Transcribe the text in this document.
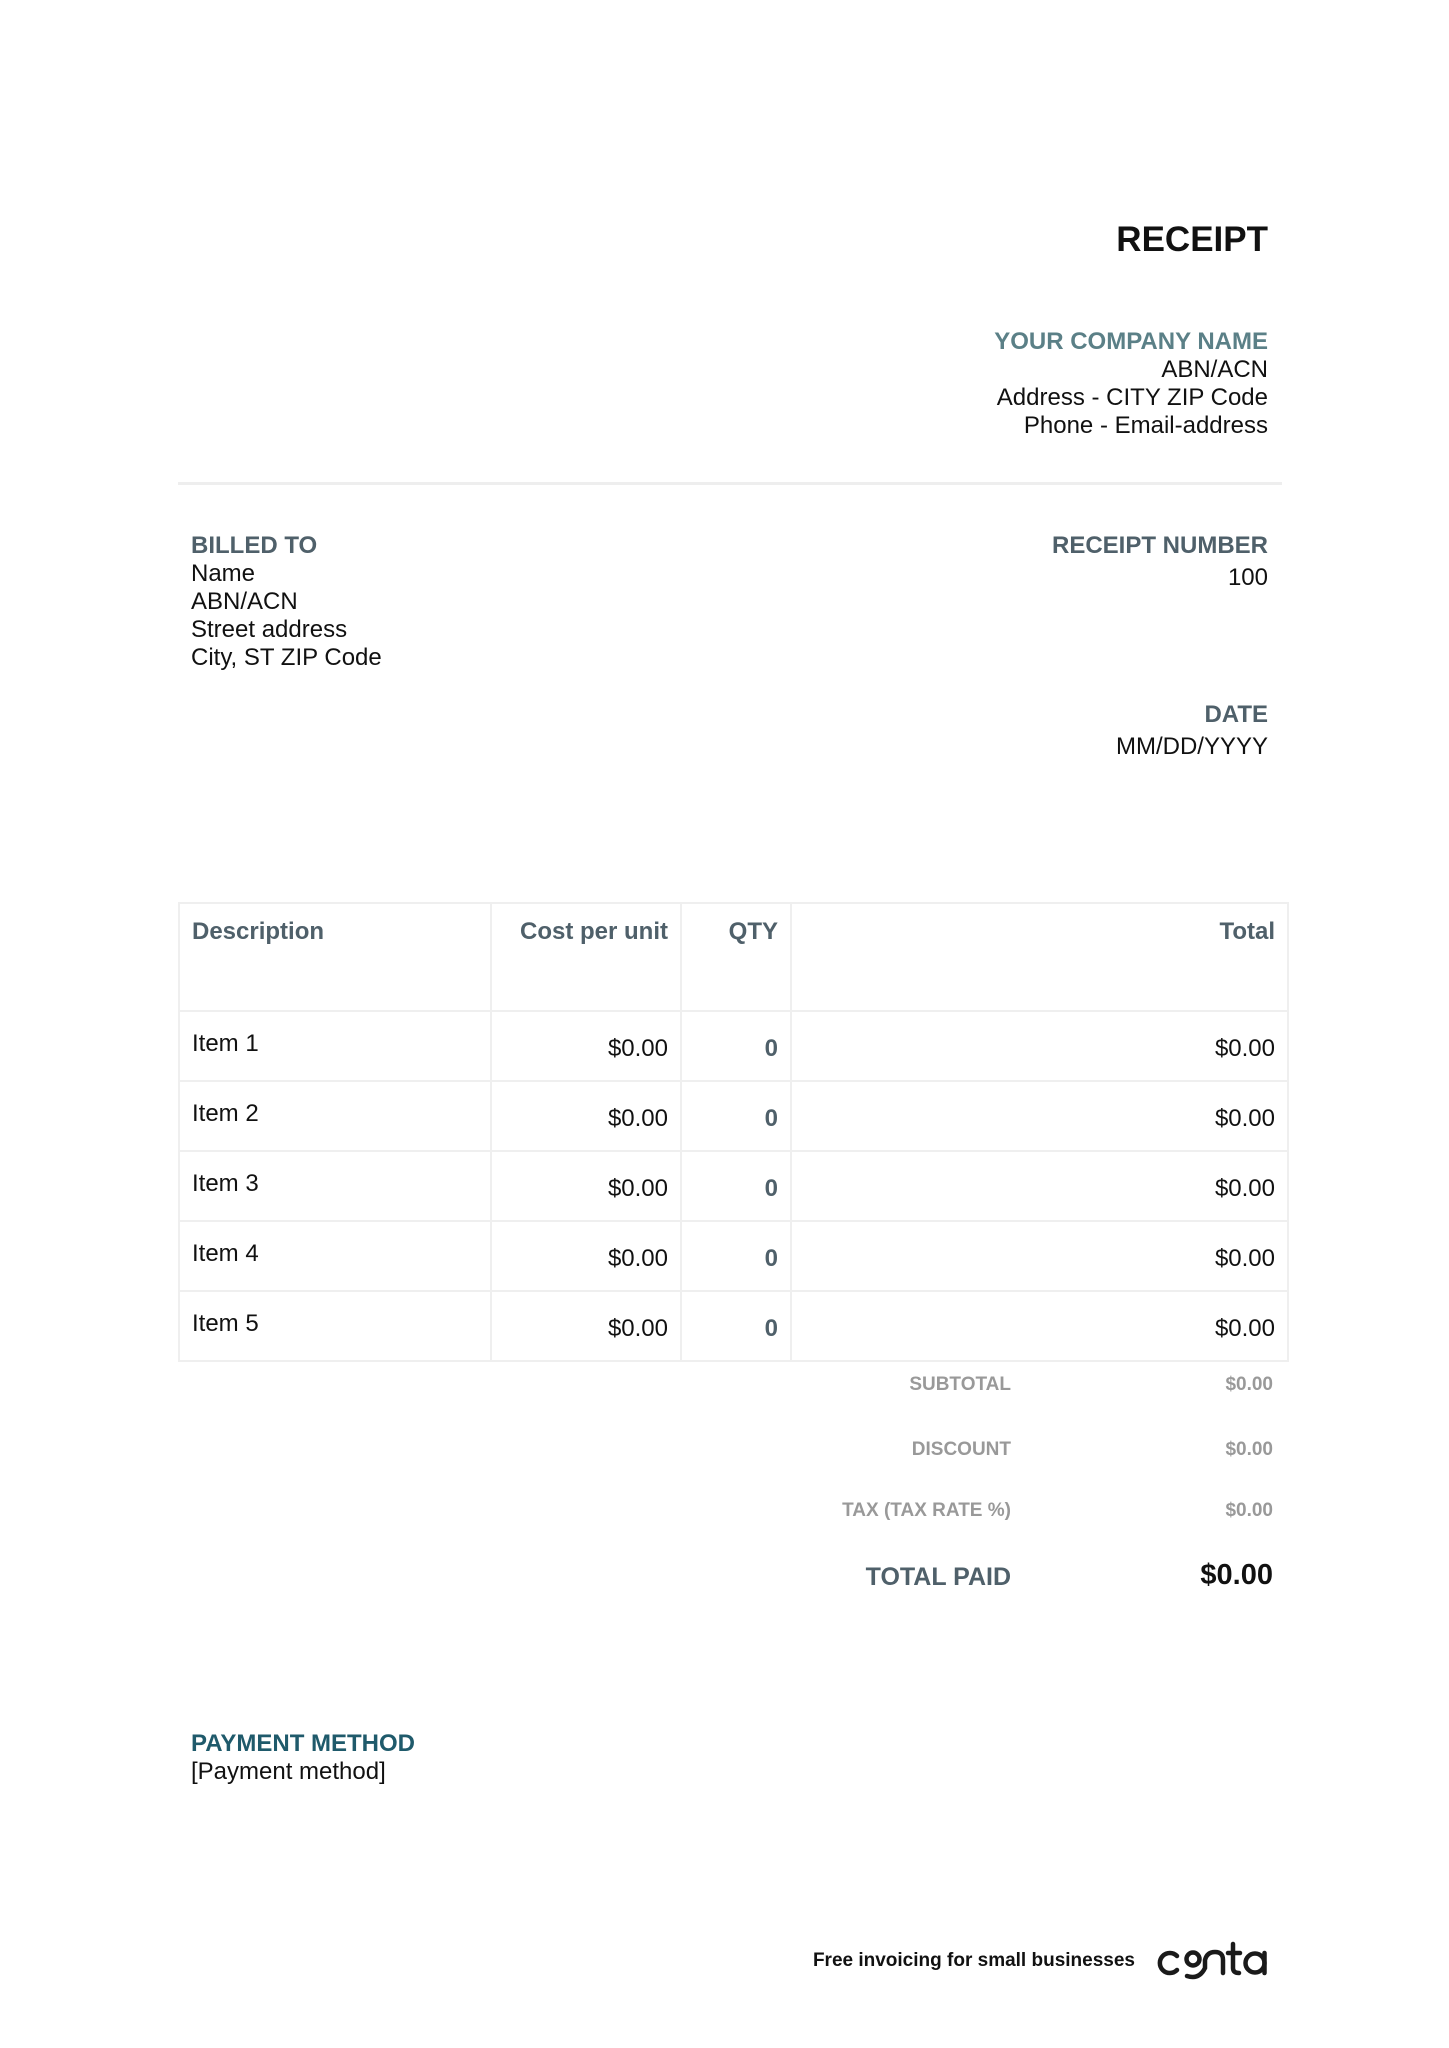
RECEIPT
YOUR COMPANY NAME
ABN/ACN
Address - CITY ZIP Code
Phone - Email-address
BILLED TO
Name
ABN/ACN
Street address
City, ST ZIP Code
RECEIPT NUMBER
100
DATE
MM/DD/YYYY
Description	Cost per unit	QTY	Total
Item 1	$0.00	0	$0.00
Item 2	$0.00	0	$0.00
Item 3	$0.00	0	$0.00
Item 4	$0.00	0	$0.00
Item 5	$0.00	0	$0.00
SUBTOTAL	$0.00
DISCOUNT	$0.00
TAX (TAX RATE %)	$0.00
TOTAL PAID	$0.00
PAYMENT METHOD
[Payment method]
Free invoicing for small businesses
